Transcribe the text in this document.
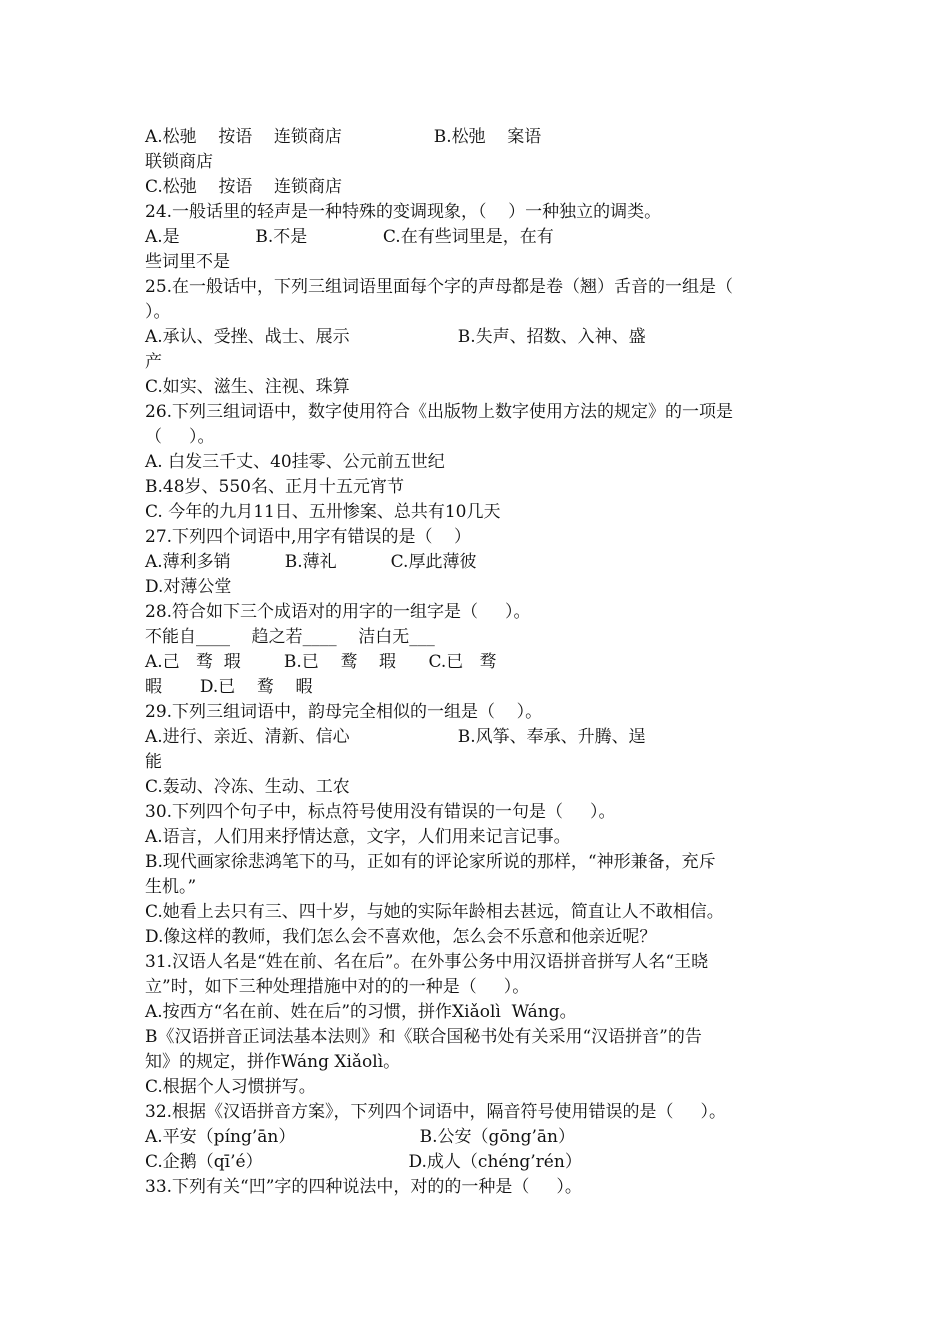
A.松驰    按语    连锁商店                 B.松弛    案语
联锁商店
C.松弛    按语    连锁商店
24.一般话里的轻声是一种特殊的变调现象，（    ）一种独立的调类。
A.是              B.不是              C.在有些词里是，在有
些词里不是
25.在一般话中，下列三组词语里面每个字的声母都是卷（翘）舌音的一组是（
）。
A.承认、受挫、战士、展示                    B.失声、招数、入神、盛
产
C.如实、滋生、注视、珠算
26.下列三组词语中，数字使用符合《出版物上数字使用方法的规定》的一项是
（     ）。
A. 白发三千丈、40挂零、公元前五世纪
B.48岁、550名、正月十五元宵节
C. 今年的九月11日、五卅惨案、总共有10几天
27.下列四个词语中,用字有错误的是（    ）
A.薄利多销          B.薄礼          C.厚此薄彼
D.对薄公堂
28.符合如下三个成语对的用字的一组字是（     ）。
不能自____    趋之若____    洁白无___
A.己   骛  瑕        B.已    鹜    瑕      C.已   骛
暇       D.已    鹜    暇
29.下列三组词语中，韵母完全相似的一组是（    ）。
A.进行、亲近、清新、信心                    B.风筝、奉承、升腾、逞
能
C.轰动、冷冻、生动、工农
30.下列四个句子中，标点符号使用没有错误的一句是（     ）。
A.语言，人们用来抒情达意，文字，人们用来记言记事。
B.现代画家徐悲鸿笔下的马，正如有的评论家所说的那样，“神形兼备，充斥
生机。”
C.她看上去只有三、四十岁，与她的实际年龄相去甚远，简直让人不敢相信。
D.像这样的教师，我们怎么会不喜欢他，怎么会不乐意和他亲近呢？
31.汉语人名是“姓在前、名在后”。在外事公务中用汉语拼音拼写人名“王晓
立”时，如下三种处理措施中对的的一种是（     ）。
A.按西方“名在前、姓在后”的习惯，拼作Xiǎolì  Wáng。
B《汉语拼音正词法基本法则》和《联合国秘书处有关采用“汉语拼音”的告
知》的规定，拼作Wáng Xiǎolì。
C.根据个人习惯拼写。
32.根据《汉语拼音方案》，下列四个词语中，隔音符号使用错误的是（     ）。
A.平安（píng’ān）                       B.公安（gōng’ān）
C.企鹅（qī’é）                           D.成人（chéng’rén）
33.下列有关“凹”字的四种说法中，对的的一种是（     ）。
